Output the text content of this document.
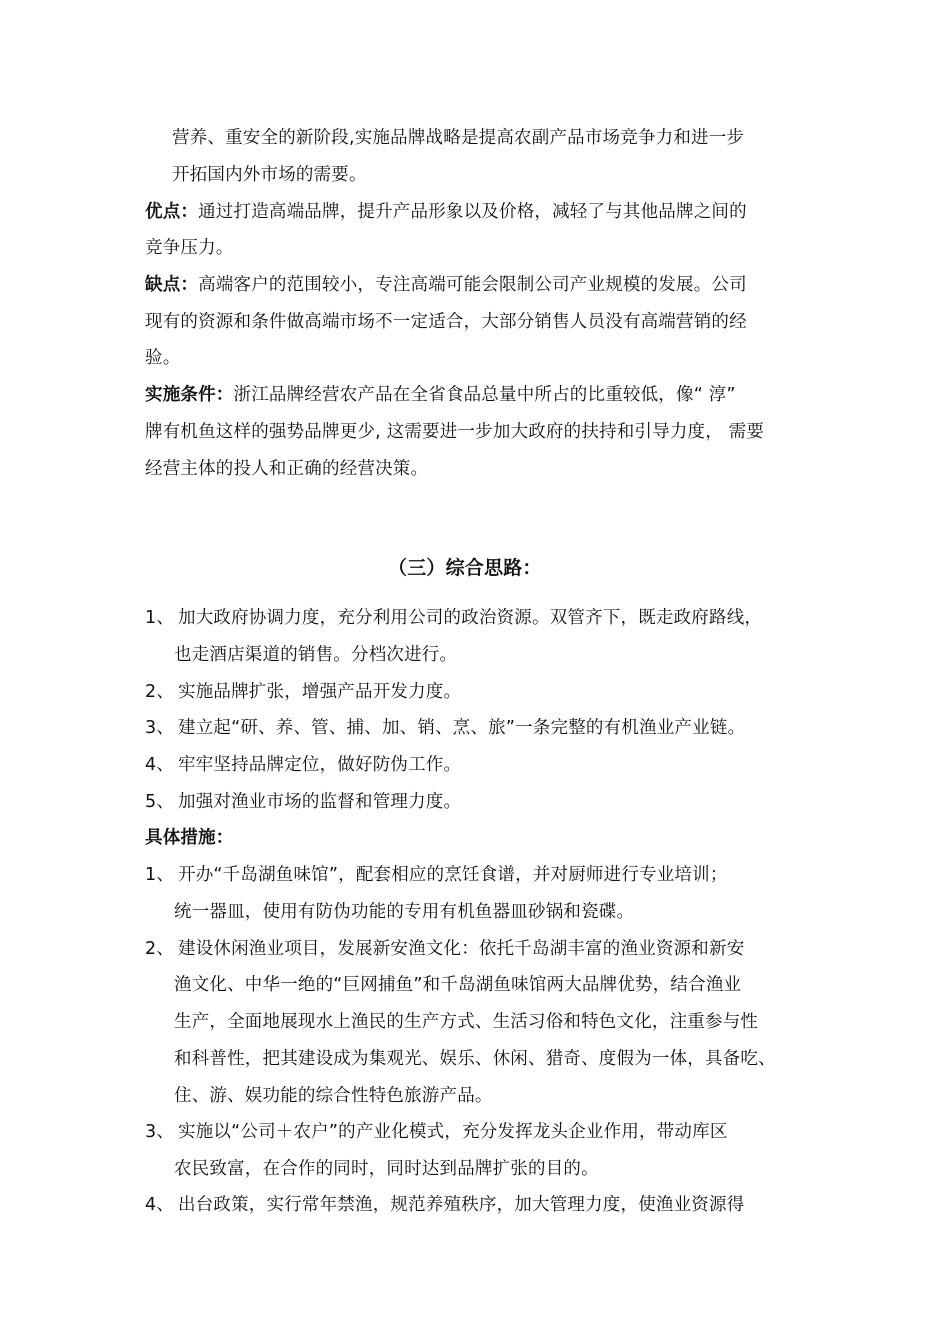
营养、重安全的新阶段,实施品牌战略是提高农副产品市场竞争力和进一步
开拓国内外市场的需要。
优点：通过打造高端品牌，提升产品形象以及价格，减轻了与其他品牌之间的
竞争压力。
缺点：高端客户的范围较小，专注高端可能会限制公司产业规模的发展。公司
现有的资源和条件做高端市场不一定适合，大部分销售人员没有高端营销的经
验。
实施条件：浙江品牌经营农产品在全省食品总量中所占的比重较低，像“ 淳”
牌有机鱼这样的强势品牌更少, 这需要进一步加大政府的扶持和引导力度， 需要
经营主体的投人和正确的经营决策。
（三）综合思路：
1、 加大政府协调力度，充分利用公司的政治资源。双管齐下，既走政府路线，
也走酒店渠道的销售。分档次进行。
2、 实施品牌扩张，增强产品开发力度。
3、 建立起“研、养、管、捕、加、销、烹、旅”一条完整的有机渔业产业链。
4、 牢牢坚持品牌定位，做好防伪工作。
5、 加强对渔业市场的监督和管理力度。
具体措施：
1、 开办“千岛湖鱼味馆”，配套相应的烹饪食谱，并对厨师进行专业培训；
统一器皿，使用有防伪功能的专用有机鱼器皿砂锅和瓷碟。
2、 建设休闲渔业项目，发展新安渔文化：依托千岛湖丰富的渔业资源和新安
渔文化、中华一绝的“巨网捕鱼”和千岛湖鱼味馆两大品牌优势，结合渔业
生产，全面地展现水上渔民的生产方式、生活习俗和特色文化，注重参与性
和科普性，把其建设成为集观光、娱乐、休闲、猎奇、度假为一体，具备吃、
住、游、娱功能的综合性特色旅游产品。
3、 实施以“公司＋农户”的产业化模式，充分发挥龙头企业作用，带动库区
农民致富，在合作的同时，同时达到品牌扩张的目的。
4、 出台政策，实行常年禁渔，规范养殖秩序，加大管理力度，使渔业资源得
